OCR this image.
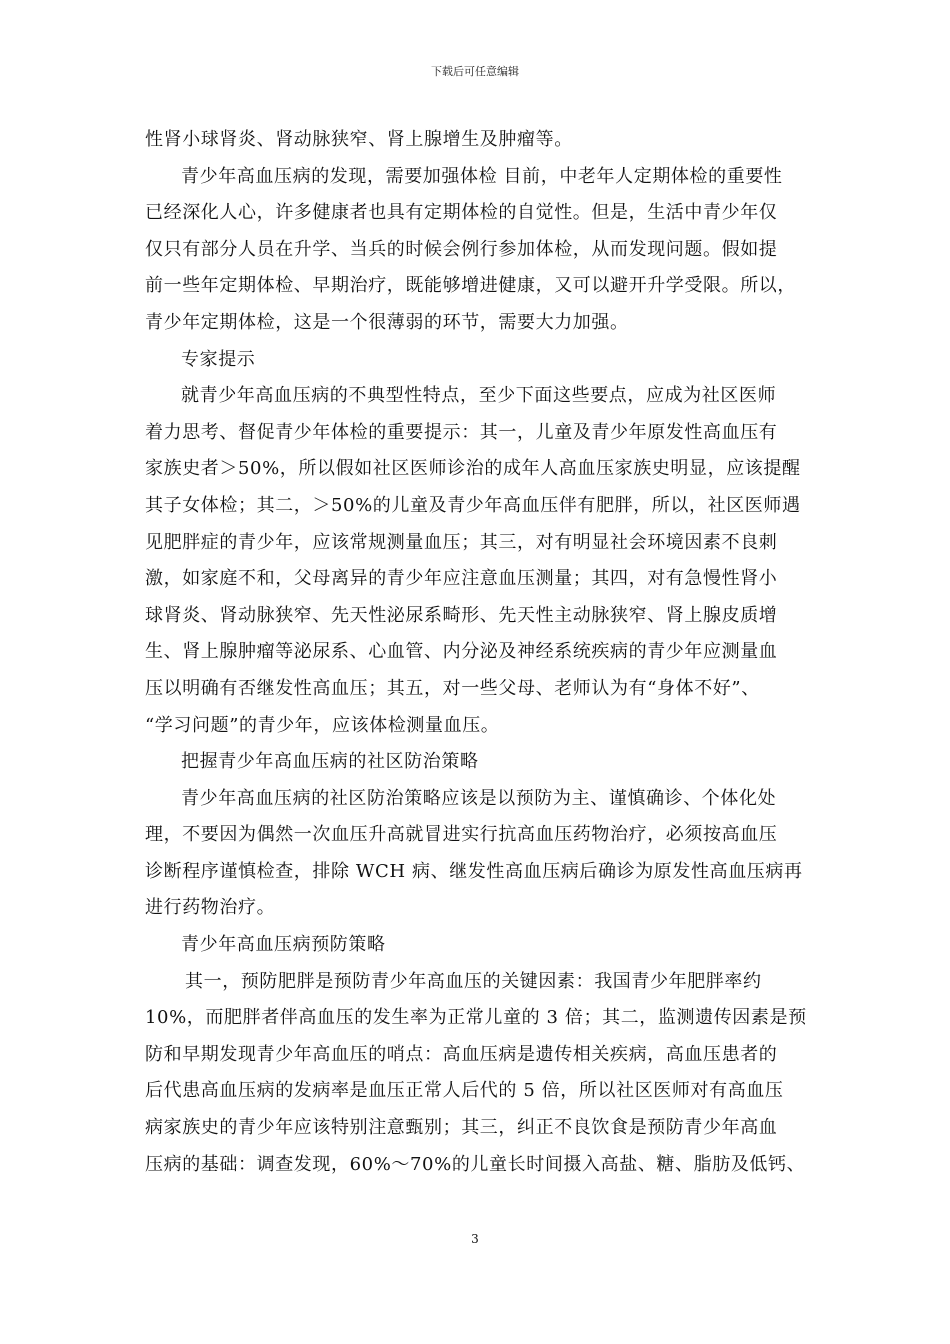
下载后可任意编辑
性肾小球肾炎、肾动脉狭窄、肾上腺增生及肿瘤等。
青少年高血压病的发现，需要加强体检 目前，中老年人定期体检的重要性
已经深化人心，许多健康者也具有定期体检的自觉性。但是，生活中青少年仅
仅只有部分人员在升学、当兵的时候会例行参加体检，从而发现问题。假如提
前一些年定期体检、早期治疗，既能够增进健康，又可以避开升学受限。所以，
青少年定期体检，这是一个很薄弱的环节，需要大力加强。
专家提示
就青少年高血压病的不典型性特点，至少下面这些要点，应成为社区医师
着力思考、督促青少年体检的重要提示：其一，儿童及青少年原发性高血压有
家族史者＞50%，所以假如社区医师诊治的成年人高血压家族史明显，应该提醒
其子女体检；其二，＞50%的儿童及青少年高血压伴有肥胖，所以，社区医师遇
见肥胖症的青少年，应该常规测量血压；其三，对有明显社会环境因素不良刺
激，如家庭不和，父母离异的青少年应注意血压测量；其四，对有急慢性肾小
球肾炎、肾动脉狭窄、先天性泌尿系畸形、先天性主动脉狭窄、肾上腺皮质增
生、肾上腺肿瘤等泌尿系、心血管、内分泌及神经系统疾病的青少年应测量血
压以明确有否继发性高血压；其五，对一些父母、老师认为有“身体不好”、
“学习问题”的青少年，应该体检测量血压。
把握青少年高血压病的社区防治策略
青少年高血压病的社区防治策略应该是以预防为主、谨慎确诊、个体化处
理，不要因为偶然一次血压升高就冒进实行抗高血压药物治疗，必须按高血压
诊断程序谨慎检查，排除 WCH 病、继发性高血压病后确诊为原发性高血压病再
进行药物治疗。
青少年高血压病预防策略
其一，预防肥胖是预防青少年高血压的关键因素：我国青少年肥胖率约
10%，而肥胖者伴高血压的发生率为正常儿童的 3 倍；其二，监测遗传因素是预
防和早期发现青少年高血压的哨点：高血压病是遗传相关疾病，高血压患者的
后代患高血压病的发病率是血压正常人后代的 5 倍，所以社区医师对有高血压
病家族史的青少年应该特别注意甄别；其三，纠正不良饮食是预防青少年高血
压病的基础：调查发现，60%～70%的儿童长时间摄入高盐、糖、脂肪及低钙、
3
